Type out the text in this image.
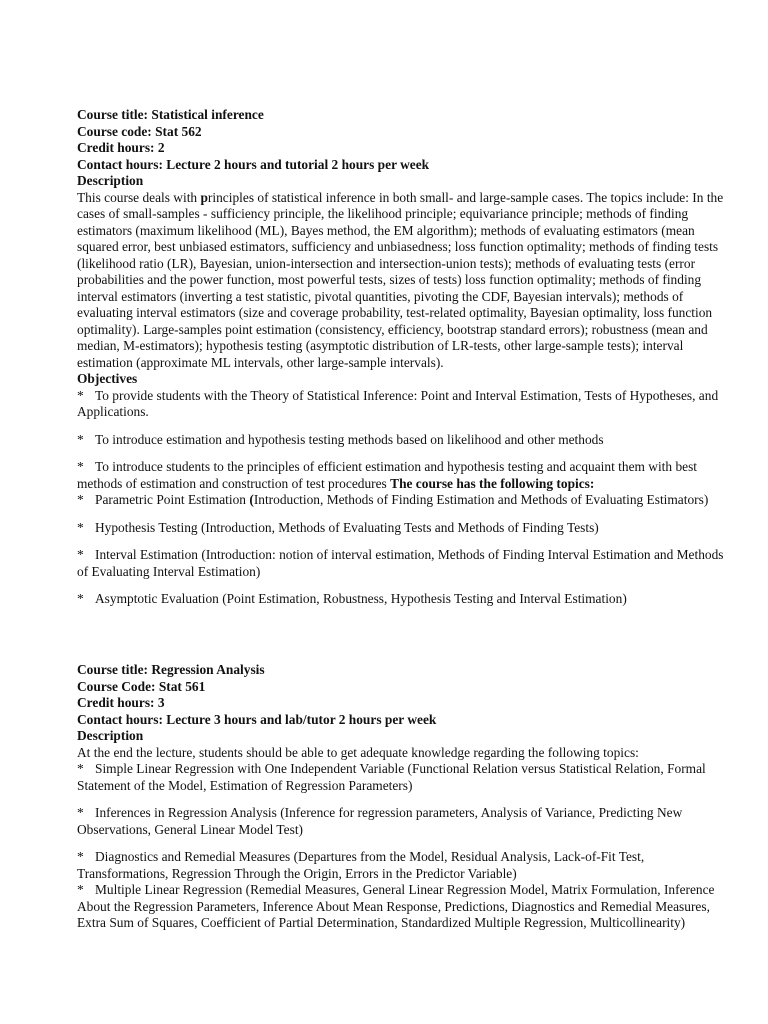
Course title: Statistical inference
Course code: Stat 562
Credit hours: 2
Contact hours: Lecture 2 hours and tutorial 2 hours per week
Description

This course deals with principles of statistical inference in both small- and large-sample cases. The topics include: In the cases of small-samples - sufficiency principle, the likelihood principle; equivariance principle; methods of finding estimators (maximum likelihood (ML), Bayes method, the EM algorithm); methods of evaluating estimators (mean squared error, best unbiased estimators, sufficiency and unbiasedness; loss function optimality; methods of finding tests (likelihood ratio (LR), Bayesian, union-intersection and intersection-union tests); methods of evaluating tests (error probabilities and the power function, most powerful tests, sizes of tests) loss function optimality; methods of finding interval estimators (inverting a test statistic, pivotal quantities, pivoting the CDF, Bayesian intervals); methods of evaluating interval estimators (size and coverage probability, test-related optimality, Bayesian optimality, loss function optimality). Large-samples point estimation (consistency, efficiency, bootstrap standard errors); robustness (mean and median, M-estimators); hypothesis testing (asymptotic distribution of LR-tests, other large-sample tests); interval estimation (approximate ML intervals, other large-sample intervals).

Objectives

* To provide students with the Theory of Statistical Inference: Point and Interval Estimation, Tests of Hypotheses, and Applications.

* To introduce estimation and hypothesis testing methods based on likelihood and other methods

* To introduce students to the principles of efficient estimation and hypothesis testing and acquaint them with best methods of estimation and construction of test procedures The course has the following topics:

* Parametric Point Estimation (Introduction, Methods of Finding Estimation and Methods of Evaluating Estimators)

* Hypothesis Testing (Introduction, Methods of Evaluating Tests and Methods of Finding Tests)

* Interval Estimation (Introduction: notion of interval estimation, Methods of Finding Interval Estimation and Methods of Evaluating Interval Estimation)

* Asymptotic Evaluation (Point Estimation, Robustness, Hypothesis Testing and Interval Estimation)

Course title: Regression Analysis
Course Code: Stat 561
Credit hours: 3
Contact hours: Lecture 3 hours and lab/tutor 2 hours per week
Description

At the end the lecture, students should be able to get adequate knowledge regarding the following topics:

* Simple Linear Regression with One Independent Variable (Functional Relation versus Statistical Relation, Formal Statement of the Model, Estimation of Regression Parameters)

* Inferences in Regression Analysis (Inference for regression parameters, Analysis of Variance, Predicting New Observations, General Linear Model Test)

* Diagnostics and Remedial Measures (Departures from the Model, Residual Analysis, Lack-of-Fit Test, Transformations, Regression Through the Origin, Errors in the Predictor Variable)

* Multiple Linear Regression (Remedial Measures, General Linear Regression Model, Matrix Formulation, Inference About the Regression Parameters, Inference About Mean Response, Predictions, Diagnostics and Remedial Measures, Extra Sum of Squares, Coefficient of Partial Determination, Standardized Multiple Regression, Multicollinearity)
